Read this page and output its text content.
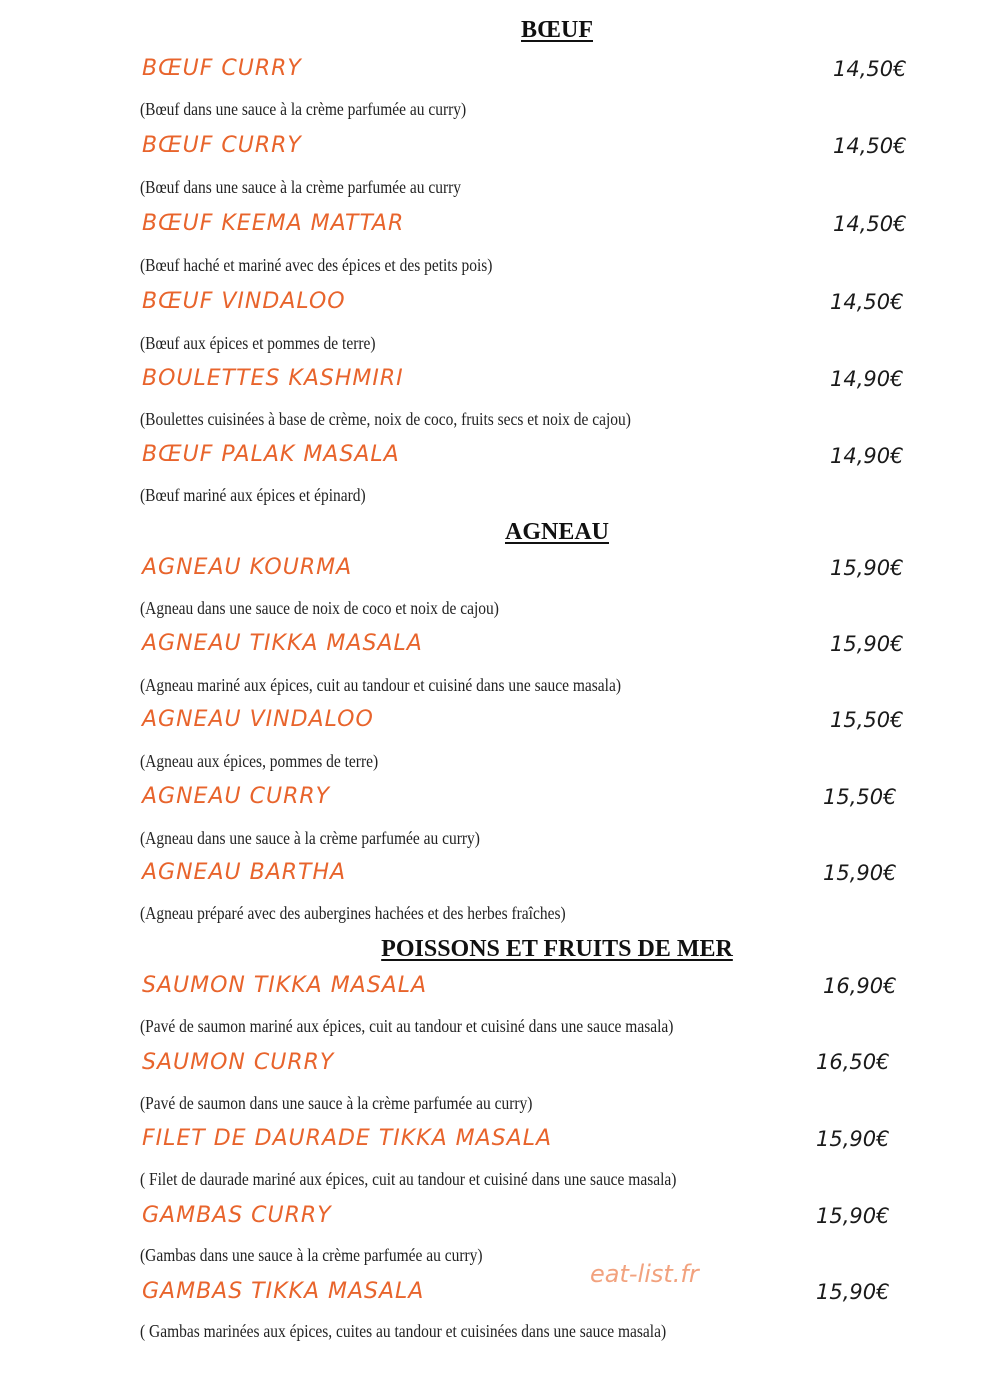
BŒUF
BŒUF CURRY	14,50€
(Bœuf dans une sauce à la crème parfumée au curry)
BŒUF CURRY	14,50€
(Bœuf dans une sauce à la crème parfumée au curry
BŒUF KEEMA MATTAR	14,50€
(Bœuf haché et mariné avec des épices et des petits pois)
BŒUF VINDALOO	14,50€
(Bœuf aux épices et pommes de terre)
BOULETTES KASHMIRI	14,90€
(Boulettes cuisinées à base de crème, noix de coco, fruits secs et noix de cajou)
BŒUF PALAK MASALA	14,90€
(Bœuf mariné aux épices et épinard)
AGNEAU
AGNEAU KOURMA	15,90€
(Agneau dans une sauce de noix de coco et noix de cajou)
AGNEAU TIKKA MASALA	15,90€
(Agneau mariné aux épices, cuit au tandour et cuisiné dans une sauce masala)
AGNEAU VINDALOO	15,50€
(Agneau aux épices, pommes de terre)
AGNEAU CURRY	15,50€
(Agneau dans une sauce à la crème parfumée au curry)
AGNEAU BARTHA	15,90€
(Agneau préparé avec des aubergines hachées et des herbes fraîches)
POISSONS ET FRUITS DE MER
SAUMON TIKKA MASALA	16,90€
(Pavé de saumon mariné aux épices, cuit au tandour et cuisiné dans une sauce masala)
SAUMON CURRY	16,50€
(Pavé de saumon dans une sauce à la crème parfumée au curry)
FILET DE DAURADE TIKKA MASALA	15,90€
( Filet de daurade mariné aux épices, cuit au tandour et cuisiné dans une sauce masala)
GAMBAS CURRY	15,90€
(Gambas dans une sauce à la crème parfumée au curry)
GAMBAS TIKKA MASALA	15,90€
( Gambas marinées aux épices, cuites au tandour et cuisinées dans une sauce masala)
eat-list.fr
